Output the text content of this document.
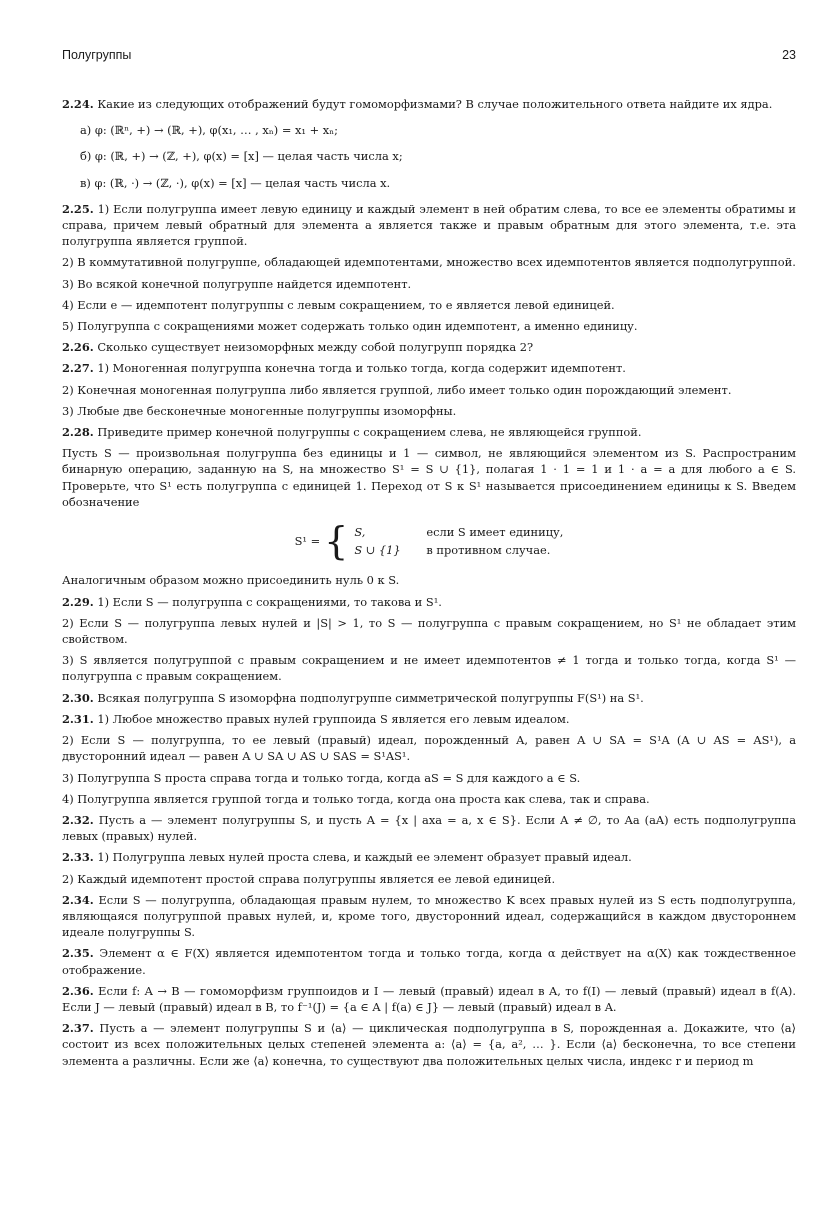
Полугруппы	23

2.24. Какие из следующих отображений будут гомоморфизмами? В случае положительного ответа найдите их ядра.

а) φ: (ℝⁿ, +) → (ℝ, +), φ(x₁, … , xₙ) = x₁ + xₙ;

б) φ: (ℝ, +) → (ℤ, +), φ(x) = [x] — целая часть числа x;

в) φ: (ℝ, ·) → (ℤ, ·), φ(x) = [x] — целая часть числа x.

2.25. 1) Если полугруппа имеет левую единицу и каждый элемент в ней обратим слева, то все ее элементы обратимы и справа, причем левый обратный для элемента a является также и правым обратным для этого элемента, т.е. эта полугруппа является группой.

2) В коммутативной полугруппе, обладающей идемпотентами, множество всех идемпотентов является подполугруппой.

3) Во всякой конечной полугруппе найдется идемпотент.

4) Если e — идемпотент полугруппы с левым сокращением, то e является левой единицей.

5) Полугруппа с сокращениями может содержать только один идемпотент, а именно единицу.

2.26. Сколько существует неизоморфных между собой полугрупп порядка 2?

2.27. 1) Моногенная полугруппа конечна тогда и только тогда, когда содержит идемпотент.

2) Конечная моногенная полугруппа либо является группой, либо имеет только один порождающий элемент.

3) Любые две бесконечные моногенные полугруппы изоморфны.

2.28. Приведите пример конечной полугруппы с сокращением слева, не являющейся группой.

Пусть S — произвольная полугруппа без единицы и 1 — символ, не являющийся элементом из S. Распространим бинарную операцию, заданную на S, на множество S¹ = S ∪ {1}, полагая 1 · 1 = 1 и 1 · a = a для любого a ∈ S. Проверьте, что S¹ есть полугруппа с единицей 1. Переход от S к S¹ называется присоединением единицы к S. Введем обозначение

S¹ = { S,	если S имеет единицу,
S ∪ {1}	в противном случае.

Аналогичным образом можно присоединить нуль 0 к S.

2.29. 1) Если S — полугруппа с сокращениями, то такова и S¹.

2) Если S — полугруппа левых нулей и |S| > 1, то S — полугруппа с правым сокращением, но S¹ не обладает этим свойством.

3) S является полугруппой с правым сокращением и не имеет идемпотентов ≠ 1 тогда и только тогда, когда S¹ — полугруппа с правым сокращением.

2.30. Всякая полугруппа S изоморфна подполугруппе симметрической полугруппы F(S¹) на S¹.

2.31. 1) Любое множество правых нулей группоида S является его левым идеалом.

2) Если S — полугруппа, то ее левый (правый) идеал, порожденный A, равен A ∪ SA = S¹A (A ∪ AS = AS¹), а двусторонний идеал — равен A ∪ SA ∪ AS ∪ SAS = S¹AS¹.

3) Полугруппа S проста справа тогда и только тогда, когда aS = S для каждого a ∈ S.

4) Полугруппа является группой тогда и только тогда, когда она проста как слева, так и справа.

2.32. Пусть a — элемент полугруппы S, и пусть A = {x | axa = a, x ∈ S}. Если A ≠ ∅, то Aa (aA) есть подполугруппа левых (правых) нулей.

2.33. 1) Полугруппа левых нулей проста слева, и каждый ее элемент образует правый идеал.

2) Каждый идемпотент простой справа полугруппы является ее левой единицей.

2.34. Если S — полугруппа, обладающая правым нулем, то множество K всех правых нулей из S есть подполугруппа, являющаяся полугруппой правых нулей, и, кроме того, двусторонний идеал, содержащийся в каждом двустороннем идеале полугруппы S.

2.35. Элемент α ∈ F(X) является идемпотентом тогда и только тогда, когда α действует на α(X) как тождественное отображение.

2.36. Если f: A → B — гомоморфизм группоидов и I — левый (правый) идеал в A, то f(I) — левый (правый) идеал в f(A). Если J — левый (правый) идеал в B, то f⁻¹(J) = {a ∈ A | f(a) ∈ J} — левый (правый) идеал в A.

2.37. Пусть a — элемент полугруппы S и ⟨a⟩ — циклическая подполугруппа в S, порожденная a. Докажите, что ⟨a⟩ состоит из всех положительных целых степеней элемента a: ⟨a⟩ = {a, a², … }. Если ⟨a⟩ бесконечна, то все степени элемента a различны. Если же ⟨a⟩ конечна, то существуют два положительных целых числа, индекс r и период m
